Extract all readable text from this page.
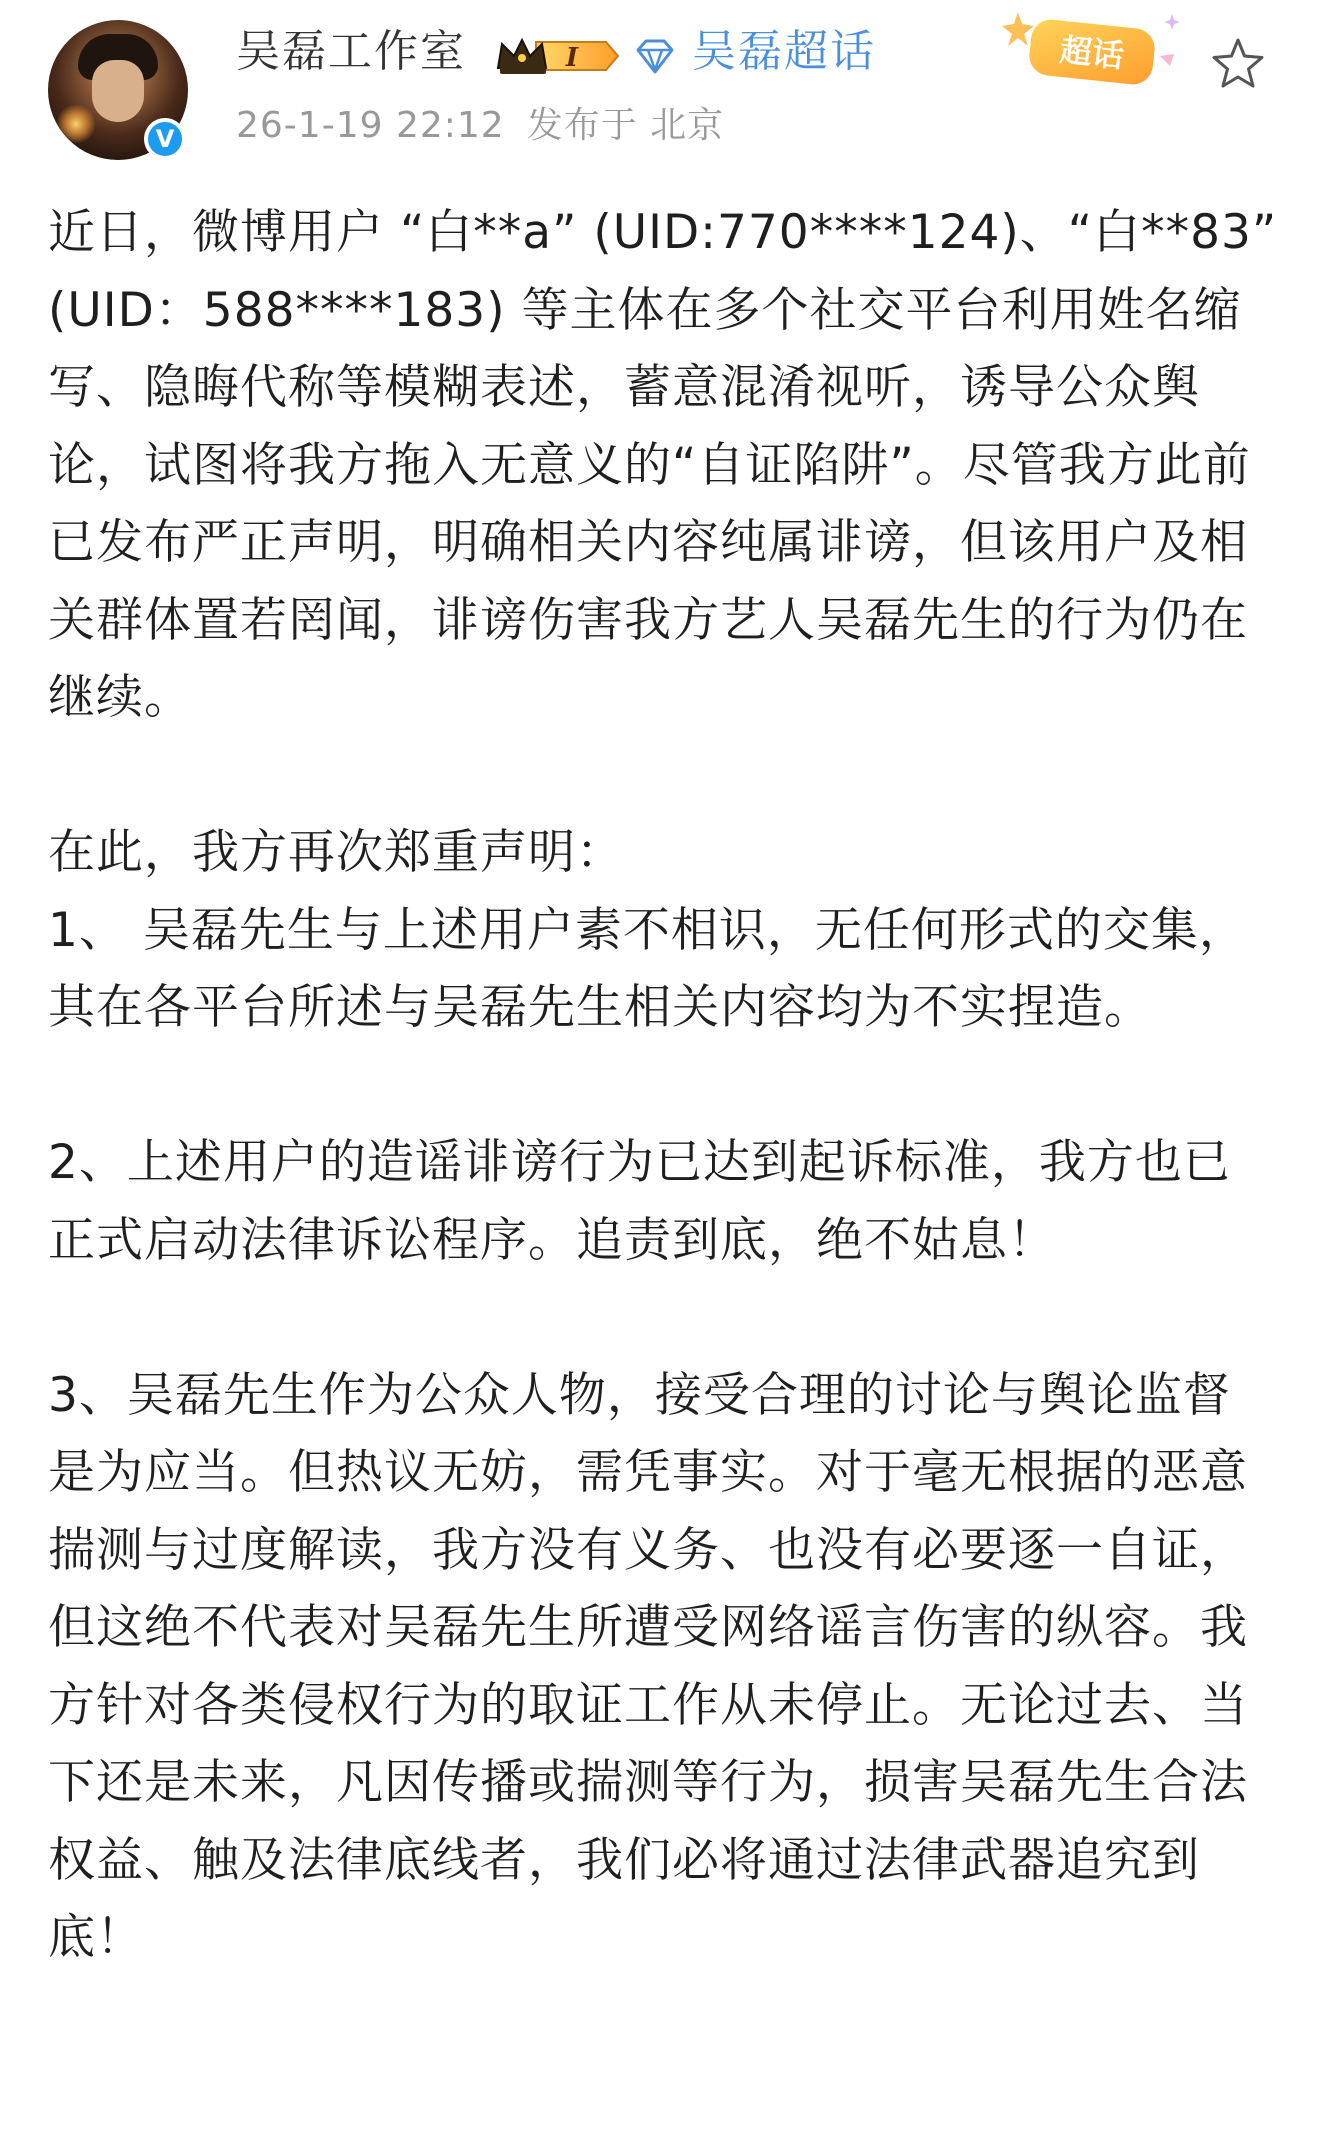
V
吴磊工作室	I	吴磊超话	超话
26-1-19 22:12 发布于 北京

近日，微博用户 “白**a” (UID:770****124)、“白**83” (UID：588****183) 等主体在多个社交平台利用姓名缩写、隐晦代称等模糊表述，蓄意混淆视听，诱导公众舆论，试图将我方拖入无意义的“自证陷阱”。尽管我方此前已发布严正声明，明确相关内容纯属诽谤，但该用户及相关群体置若罔闻，诽谤伤害我方艺人吴磊先生的行为仍在继续。

在此，我方再次郑重声明：
1、 吴磊先生与上述用户素不相识，无任何形式的交集，其在各平台所述与吴磊先生相关内容均为不实捏造。

2、上述用户的造谣诽谤行为已达到起诉标准，我方也已正式启动法律诉讼程序。追责到底，绝不姑息！

3、吴磊先生作为公众人物，接受合理的讨论与舆论监督是为应当。但热议无妨，需凭事实。对于毫无根据的恶意揣测与过度解读，我方没有义务、也没有必要逐一自证，但这绝不代表对吴磊先生所遭受网络谣言伤害的纵容。我方针对各类侵权行为的取证工作从未停止。无论过去、当下还是未来，凡因传播或揣测等行为，损害吴磊先生合法权益、触及法律底线者，我们必将通过法律武器追究到底！
